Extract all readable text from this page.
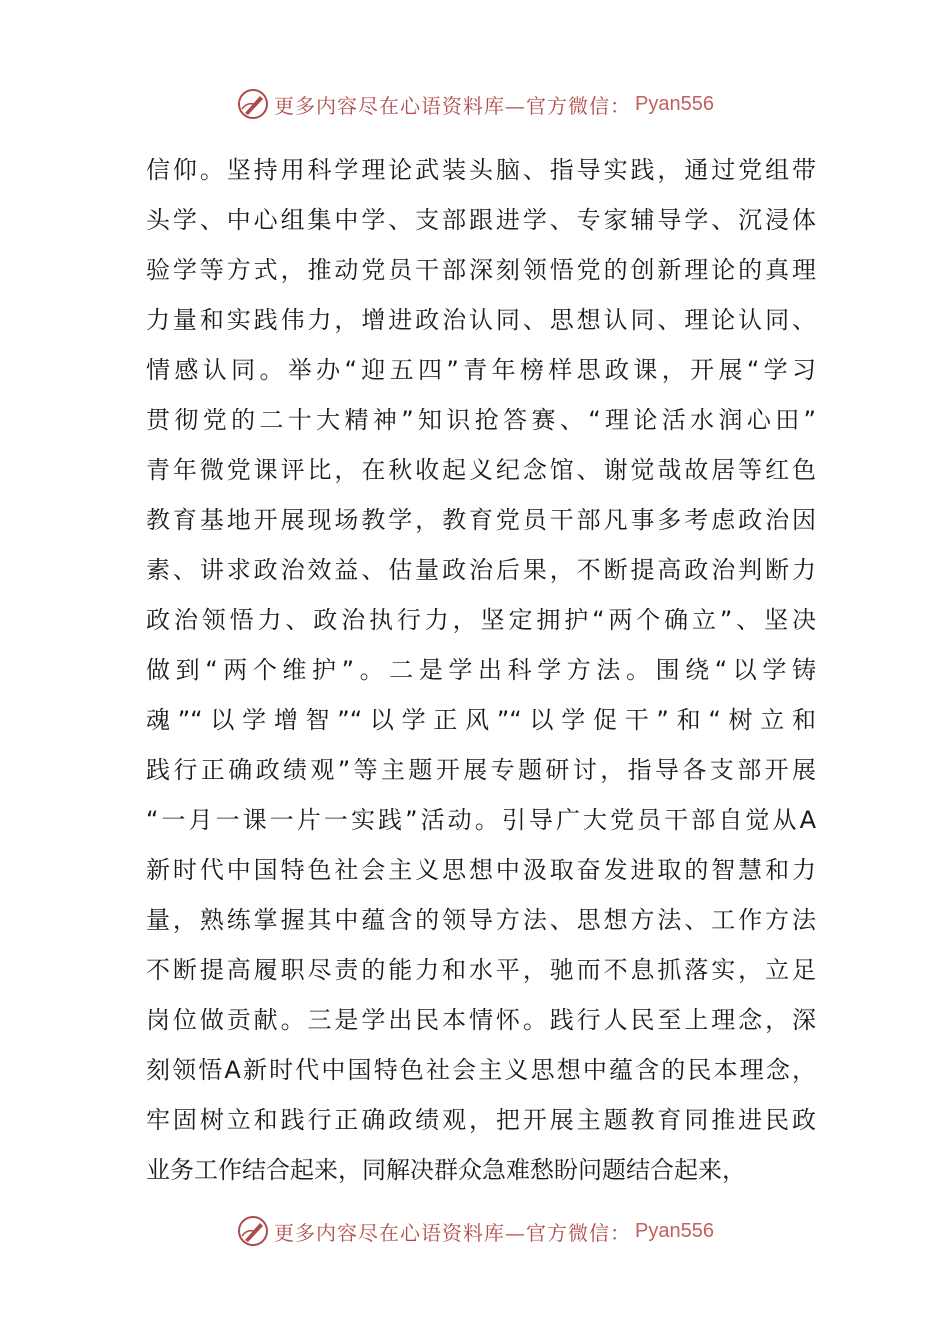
更多内容尽在心语资料库— 官方微信： Pyan556
信仰。坚持用科学理论武装头脑、指导实践，通过党组带
头学、中心组集中学、支部跟进学、专家辅导学、沉浸体
验学等方式，推动党员干部深刻领悟党的创新理论的真理
力量和实践伟力，增进政治认同、思想认同、理论认同、
情感认同。举办“迎五四”青年榜样思政课，开展“学习
贯彻党的二十大精神”知识抢答赛、“理论活水润心田”
青年微党课评比，在秋收起义纪念馆、谢觉哉故居等红色
教育基地开展现场教学，教育党员干部凡事多考虑政治因
素、讲求政治效益、估量政治后果，不断提高政治判断力
政治领悟力、政治执行力，坚定拥护“两个确立”、坚决
做到“两个维护”。二是学出科学方法。围绕“以学铸
魂”“以学增智”“以学正风”“以学促干”和“树立和
践行正确政绩观”等主题开展专题研讨，指导各支部开展
“一月一课一片一实践”活动。引导广大党员干部自觉从A
新时代中国特色社会主义思想中汲取奋发进取的智慧和力
量，熟练掌握其中蕴含的领导方法、思想方法、工作方法
不断提高履职尽责的能力和水平，驰而不息抓落实，立足
岗位做贡献。三是学出民本情怀。践行人民至上理念，深
刻领悟A新时代中国特色社会主义思想中蕴含的民本理念，
牢固树立和践行正确政绩观，把开展主题教育同推进民政
业务工作结合起来，同解决群众急难愁盼问题结合起来，
更多内容尽在心语资料库— 官方微信： Pyan556
